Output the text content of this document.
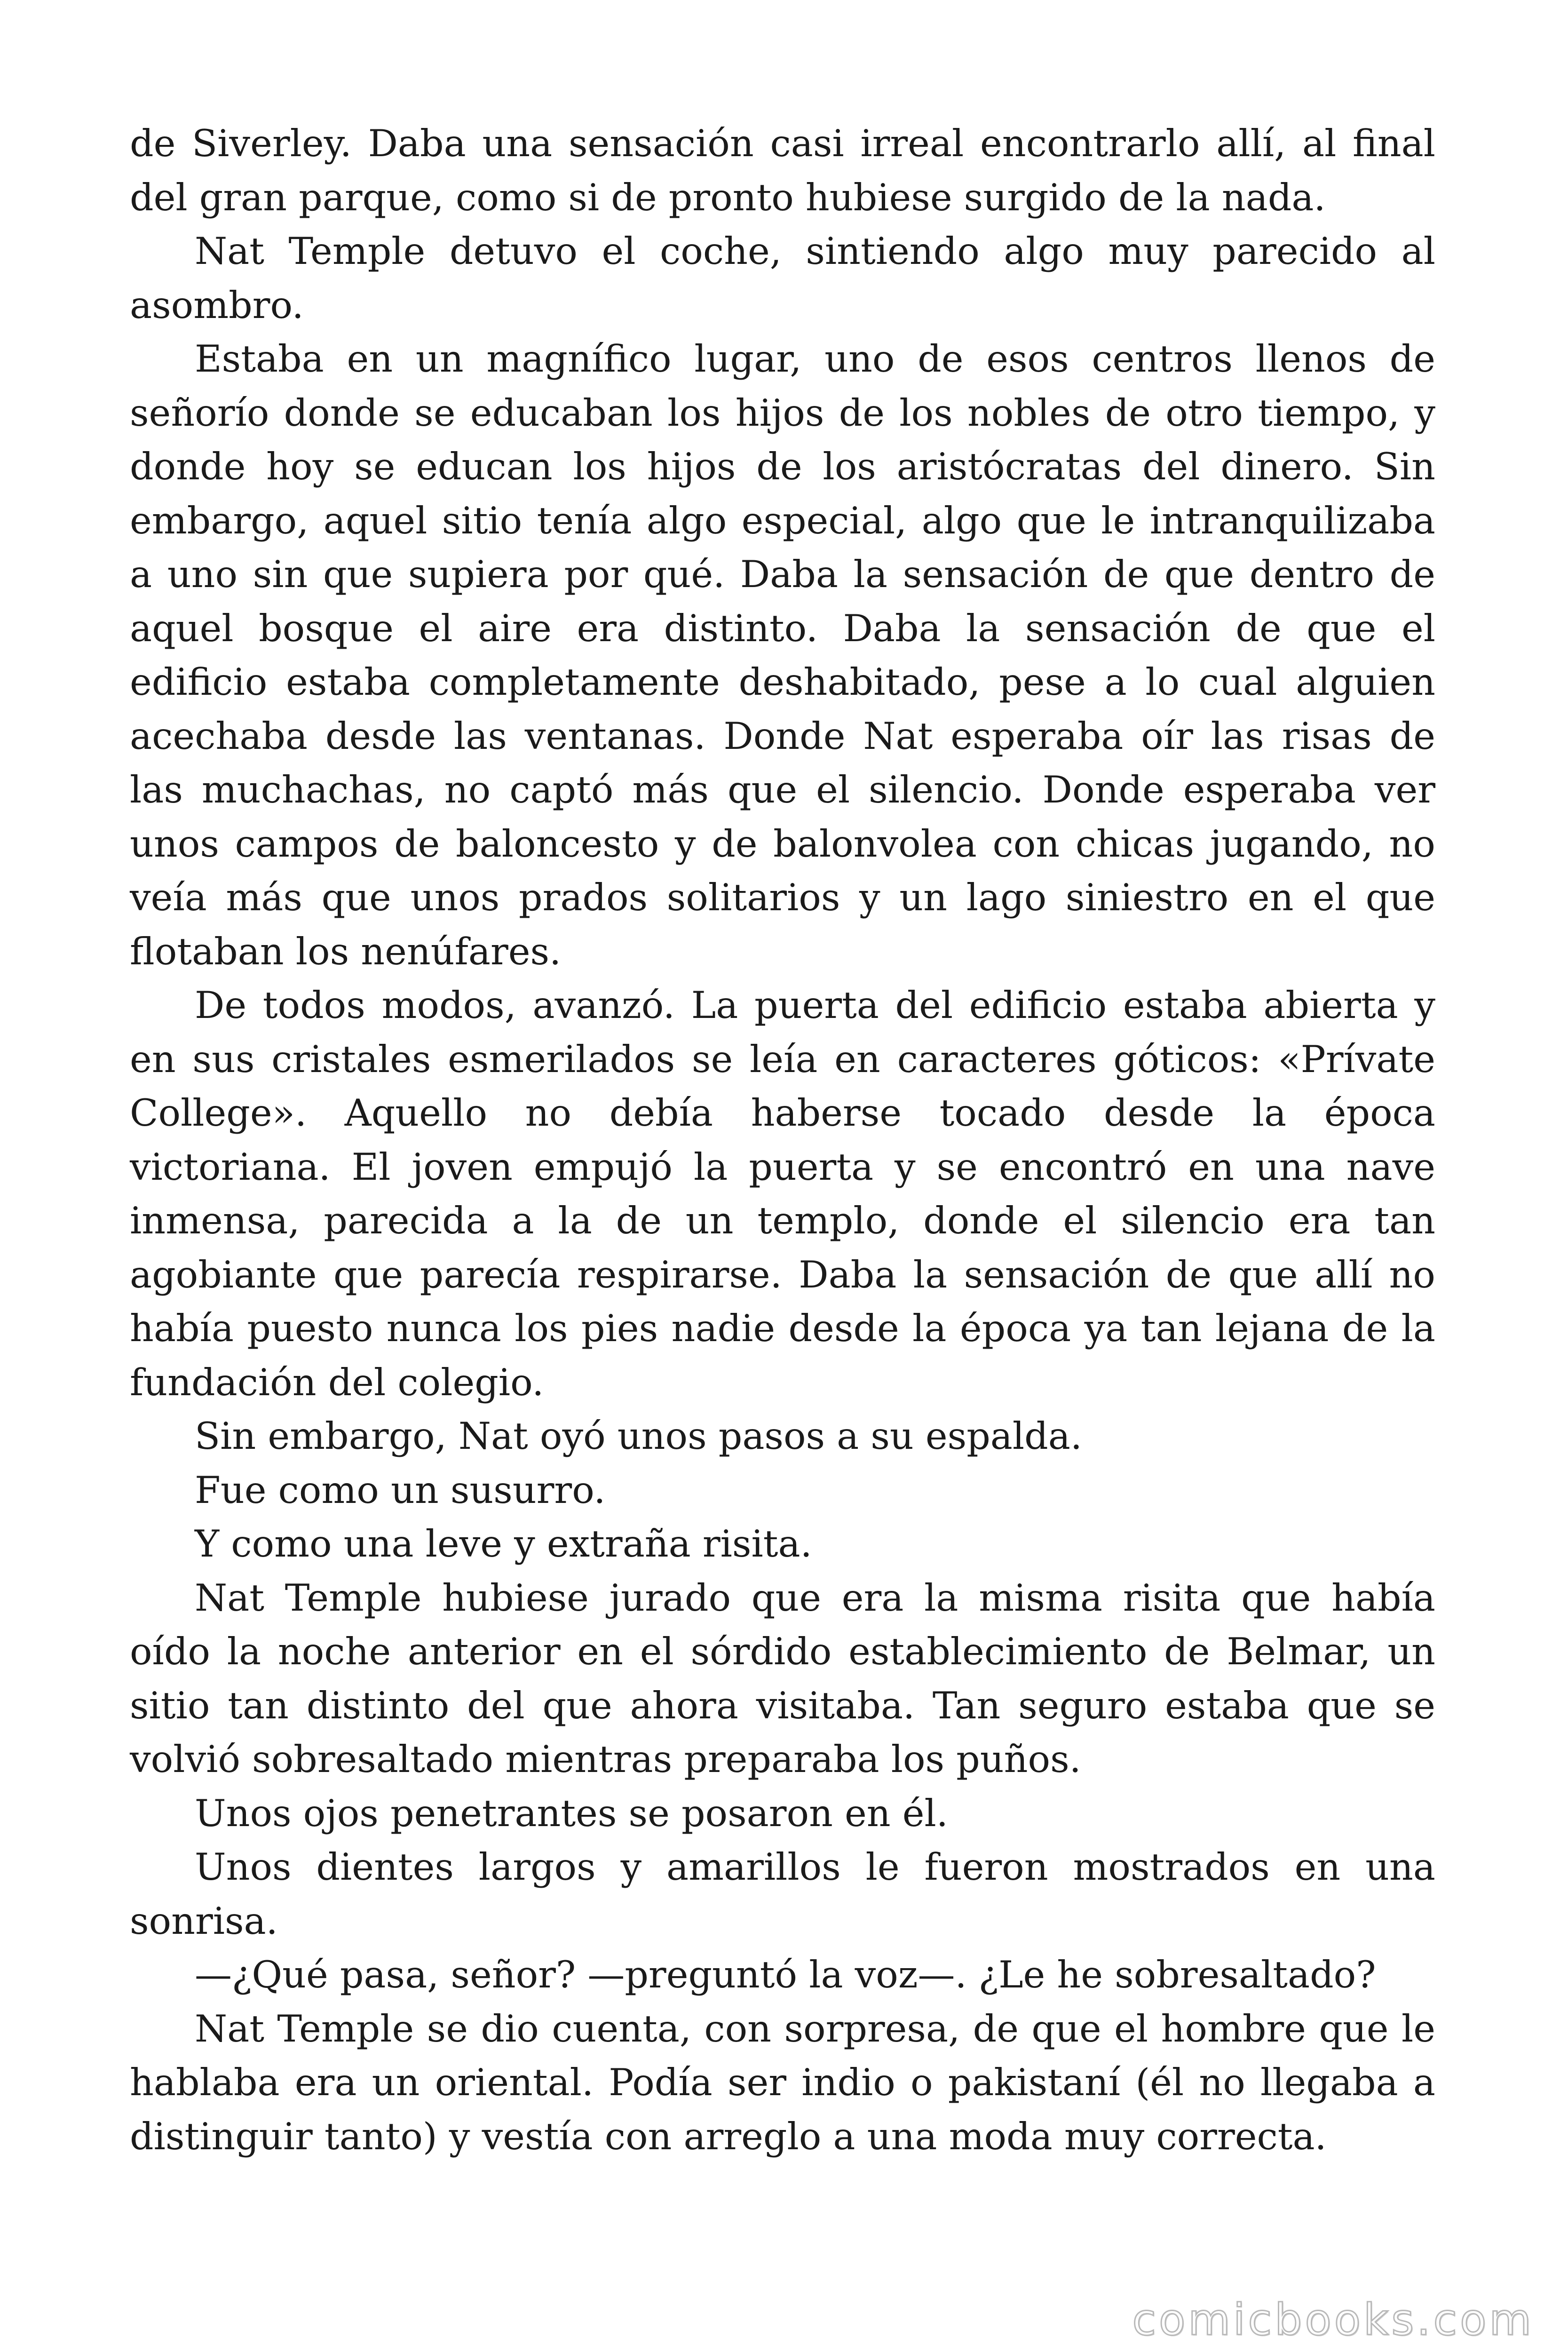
de Siverley. Daba una sensación casi irreal encontrarlo allí, al final del gran parque, como si de pronto hubiese surgido de la nada.

Nat Temple detuvo el coche, sintiendo algo muy parecido al asombro.

Estaba en un magnífico lugar, uno de esos centros llenos de señorío donde se educaban los hijos de los nobles de otro tiempo, y donde hoy se educan los hijos de los aristócratas del dinero. Sin embargo, aquel sitio tenía algo especial, algo que le intranquilizaba a uno sin que supiera por qué. Daba la sensación de que dentro de aquel bosque el aire era distinto. Daba la sensación de que el edificio estaba completamente deshabitado, pese a lo cual alguien acechaba desde las ventanas. Donde Nat esperaba oír las risas de las muchachas, no captó más que el silencio. Donde esperaba ver unos campos de baloncesto y de balonvolea con chicas jugando, no veía más que unos prados solitarios y un lago siniestro en el que flotaban los nenúfares.

De todos modos, avanzó. La puerta del edificio estaba abierta y en sus cristales esmerilados se leía en caracteres góticos: «Prívate College». Aquello no debía haberse tocado desde la época victoriana. El joven empujó la puerta y se encontró en una nave inmensa, parecida a la de un templo, donde el silencio era tan agobiante que parecía respirarse. Daba la sensación de que allí no había puesto nunca los pies nadie desde la época ya tan lejana de la fundación del colegio.

Sin embargo, Nat oyó unos pasos a su espalda.

Fue como un susurro.

Y como una leve y extraña risita.

Nat Temple hubiese jurado que era la misma risita que había oído la noche anterior en el sórdido establecimiento de Belmar, un sitio tan distinto del que ahora visitaba. Tan seguro estaba que se volvió sobresaltado mientras preparaba los puños.

Unos ojos penetrantes se posaron en él.

Unos dientes largos y amarillos le fueron mostrados en una sonrisa.

—¿Qué pasa, señor? —preguntó la voz—. ¿Le he sobresaltado?

Nat Temple se dio cuenta, con sorpresa, de que el hombre que le hablaba era un oriental. Podía ser indio o pakistaní (él no llegaba a distinguir tanto) y vestía con arreglo a una moda muy correcta.

comicbooks.com
